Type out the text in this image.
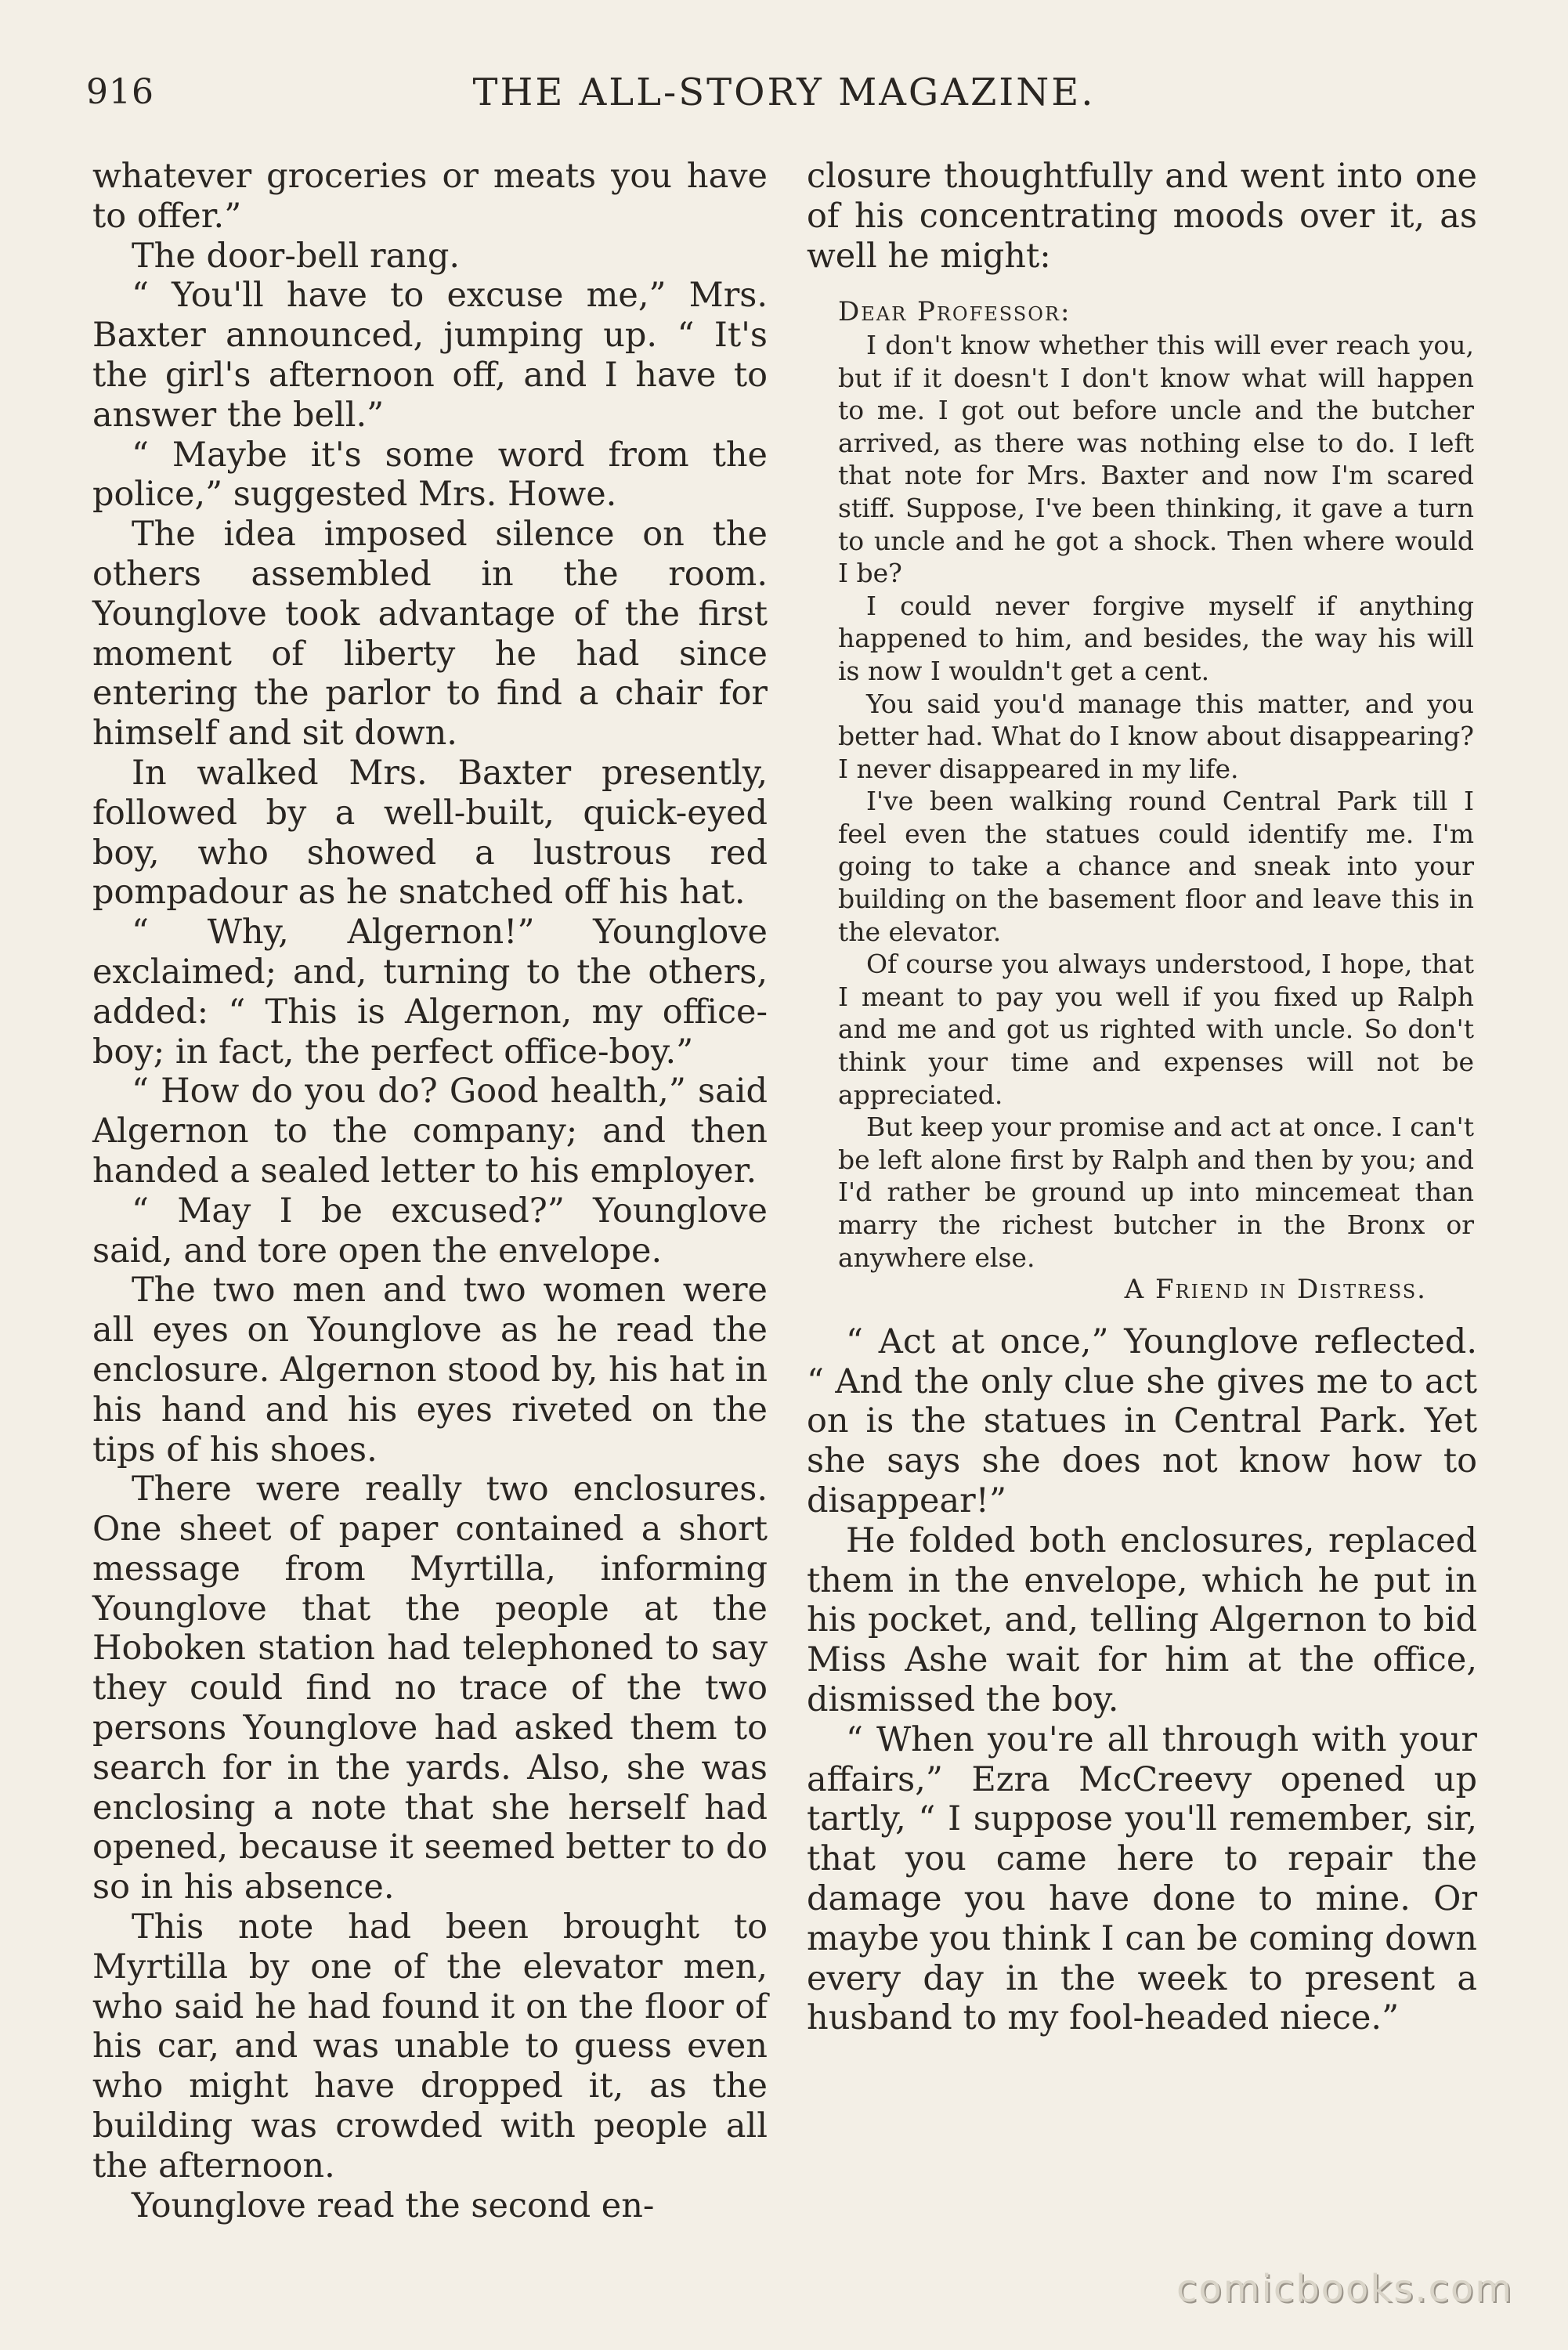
916	THE ALL-STORY MAGAZINE.

whatever groceries or meats you have to offer.”

The door-bell rang.

“ You'll have to excuse me,” Mrs. Baxter announced, jumping up. “ It's the girl's afternoon off, and I have to answer the bell.”

“ Maybe it's some word from the police,” suggested Mrs. Howe.

The idea imposed silence on the others assembled in the room. Younglove took advantage of the first moment of liberty he had since entering the parlor to find a chair for himself and sit down.

In walked Mrs. Baxter presently, followed by a well-built, quick-eyed boy, who showed a lustrous red pompadour as he snatched off his hat.

“ Why, Algernon!” Younglove exclaimed; and, turning to the others, added: “ This is Algernon, my office-boy; in fact, the perfect office-boy.”

“ How do you do? Good health,” said Algernon to the company; and then handed a sealed letter to his employer.

“ May I be excused?” Younglove said, and tore open the envelope.

The two men and two women were all eyes on Younglove as he read the enclosure. Algernon stood by, his hat in his hand and his eyes riveted on the tips of his shoes.

There were really two enclosures. One sheet of paper contained a short message from Myrtilla, informing Younglove that the people at the Hoboken station had telephoned to say they could find no trace of the two persons Younglove had asked them to search for in the yards. Also, she was enclosing a note that she herself had opened, because it seemed better to do so in his absence.

This note had been brought to Myrtilla by one of the elevator men, who said he had found it on the floor of his car, and was unable to guess even who might have dropped it, as the building was crowded with people all the afternoon.

Younglove read the second en-

closure thoughtfully and went into one of his concentrating moods over it, as well he might:

Dear Professor:

I don't know whether this will ever reach you, but if it doesn't I don't know what will happen to me. I got out before uncle and the butcher arrived, as there was nothing else to do. I left that note for Mrs. Baxter and now I'm scared stiff. Suppose, I've been thinking, it gave a turn to uncle and he got a shock. Then where would I be?

I could never forgive myself if anything happened to him, and besides, the way his will is now I wouldn't get a cent.

You said you'd manage this matter, and you better had. What do I know about disappearing? I never disappeared in my life.

I've been walking round Central Park till I feel even the statues could identify me. I'm going to take a chance and sneak into your building on the basement floor and leave this in the elevator.

Of course you always understood, I hope, that I meant to pay you well if you fixed up Ralph and me and got us righted with uncle. So don't think your time and expenses will not be appreciated.

But keep your promise and act at once. I can't be left alone first by Ralph and then by you; and I'd rather be ground up into mincemeat than marry the richest butcher in the Bronx or anywhere else.

A Friend in Distress.

“ Act at once,” Younglove reflected. “ And the only clue she gives me to act on is the statues in Central Park. Yet she says she does not know how to disappear!”

He folded both enclosures, replaced them in the envelope, which he put in his pocket, and, telling Algernon to bid Miss Ashe wait for him at the office, dismissed the boy.

“ When you're all through with your affairs,” Ezra McCreevy opened up tartly, “ I suppose you'll remember, sir, that you came here to repair the damage you have done to mine. Or maybe you think I can be coming down every day in the week to present a husband to my fool-headed niece.”

comicbooks.com
